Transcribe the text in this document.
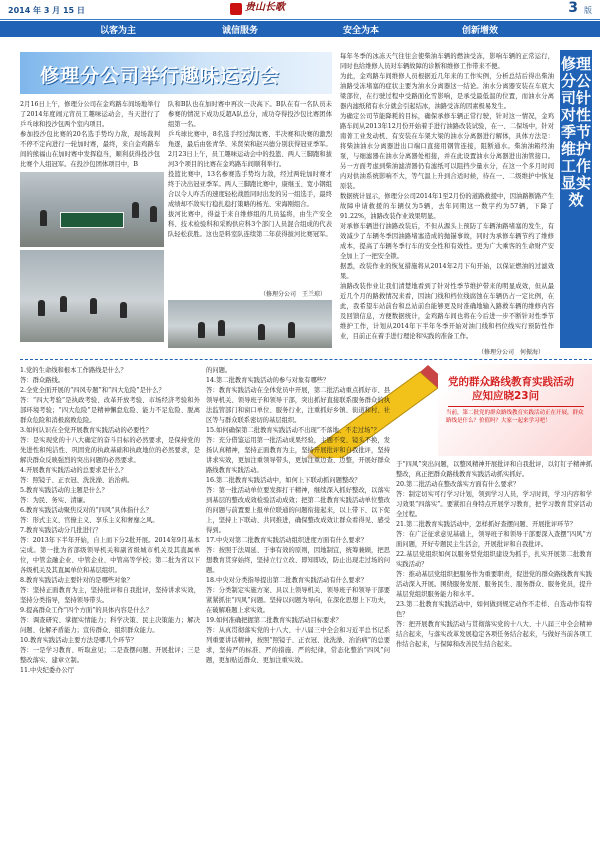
2014 年 3 月 15 日	贵山长歌	3 版
以客为主	诚信服务	安全为本	创新增效
修理分公司举行趣味运动会
2月16日上午，修理分公司在金鸡路车间场地举行了2014年度闹元宵员工趣味运动会，当天进行了乒乓球和投沙包两个室内项目。
参加投沙包比赛的20名选手势均力敌，现场裁判不停不定向进行一轮加时赛，最终，来自金鸡路车间的熊福山在加时赛中发挥稳当，顺利获得投沙包比赛个人组冠军。在投沙包团体项目中，B
队和B队也在加时赛中再次一决高下。B队在有一名队员未参赛的情况下成功反超A队总分，成功夺得投沙包比赛团体组第一名。
乒乓球比赛中，8名选手经过淘汰赛、半决赛和决赛的激烈角逐，最后由张青华、米贤荣和赵兴德分别获得冠亚季军。
2月23日上午，员工趣味运动会中的投篮、两人三脚跑和拔河3个项目的比赛在金鸡路车间顺利举行。
投篮比赛中，13名参赛选手势均力敌，经过两轮加时赛才终于决出冠亚季军。两人三脚跑比赛中，康继玉、宽小钢组合以令人咋舌的速度轻松战胜同时出发的另一组选手，最终成绩却不敌实行稳扎稳打策略的杨光、宋海刚组合。
拔河比赛中，得益于来自维修组的几员猛将，由生产安全科、技术检验科和采购供应科3个部门人员混合组成的代表队轻松获胜。这也是料室队连续第二年获得拔河比赛冠军。
（修理分公司　王兰琼）
每年冬季的冰冻天气往往会使柴油车辆的燃油受冻，影响车辆的正常运行，同时也给维修人员对车辆故障的诊断和维修工作带来不便。
为此，金鸡路车间维修人员根据近几年来的工作实例，分析总结后得出柴油油路受冻堵塞的症状主要为油水分离器这一结论。油水分离器安装在车底大梁部位，在行驶过程中受路面化雪影响，是承受最低温的位置，而油水分离器内滤纸稍有水分就会引起结冰，油路受冻的因素极易发生。
为确定公司节能降耗的目标，确保承修车辆正常行驶，针对这一情况，金鸡路车间从2013年12月份开始着手进行油路改装试验，在一、二保场中，针对南菁工业发动机、有安装在车架大梁的油水分离器进行解体，具体方法是：将柴油油水分离器进出口端口直接用钢管连接，阻断通水。柴油油箱经油泵，与细滤器在油水分离器处相接，并在此设置油水分离器进出油管接口。另一方面考虑到柴油滤清器仍有滤纸可以阻挡少量水分，在这一个多月时间内对供油系统影响不大，等气温上升到合适时候，待在一、二级维护中恢复原装。
数据统计显示，修理分公司2014年1至2月份的道路救援中，因油路断路产生故障申请救援的车辆仅为5辆，去年同期这一数字约为57辆，下降了91.22%，油路改装作业效果明显。
对承修车辆进行油路改装后，不但从源头上预防了车辆油路堵塞的发生，有效减少了车辆冬季因油路堵塞造成的抛锚事故，同时为承修车辆节约了维修成本，提高了车辆冬季行车的安全性和有效性。更为广大乘客的生命财产安全加上了一把安全锁。
据悉，改装作业的恢复措施将从2014年2月下旬开始，以保证燃油的过滤效果。
油路改装作业让我们清楚地看到了针对性季节维护带来的明显成效，但从最近几个月的路救情况来看，因油门线和档位线腐蚀在车辆仍占一定比例，在此，我希望车站前台和总站前台能够更及时准确地输入路救车辆的维修内容及回馈信息，方便数据统计，金鸡路车间也将在今后进一步不断针对性季节维护工作，计划从2014年下半年冬季开始对油门线和档位线实行预防性作业，目前正在着手进行理论和实践的准备工作。
（修理分公司　何振海）
修理分公司针对性季节维护工作显实效
党的群众路线教育实践活动
应知应晓23问
当前，第二批党的群众路线教育实践活动正在开展，群众路线是什么？价值吗？大家一起来学习吧！
1.党的生命线和根本工作路线是什么？
答：群众路线。
2.全党全面开展的“四风专题”和“四大危险”是什么？
答：“四大考验”是执政考验、改革开放考验、市场经济考验和外部环境考验；“四大危险”是精神懈怠危险、能力不足危险、脱离群众危险和消极腐败危险。
3.如何认识在全党开展教育实践活动的必要性？
答：是实现党的十八大确定的奋斗目标的必然要求，是保持党的先进性和纯洁性、巩固党的执政基础和执政地位的必然要求，是解决群众反映强烈的突出问题的必然要求。
4.开展教育实践活动的总要求是什么？
答：照镜子、正衣冠、洗洗澡、治治病。
5.教育实践活动的主题是什么？
答：为民、务实、清廉。
6.教育实践活动聚焦反对的“四风”具体指什么？
答：形式主义、官僚主义、享乐主义和奢靡之风。
7.教育实践活动分几批进行？
答：2013年下半年开始，自上而下分2批开展。2014年9月基本完成。第一批为省部级领导机关和副省级城市机关及其直属单位，中管金融企业、中管企业、中管高等学校；第二批为省以下各级机关及其直属单位和基层组织。
8.教育实践活动主要针对的是哪些对象？
答：坚持正面教育为主，坚持批评和自我批评，坚持讲求实效，坚持分类指导，坚持领导带头。
9.提高群众工作“四个方面”的具体内容是什么？
答：调查研究、掌握实情能力；科学决策、民主决策能力；解决问题、化解矛盾能力；宣传群众、组织群众能力。
10.教育实践活动主要方法是哪几个环节？
答：一是学习教育、听取意见；二是查摆问题、开展批评；三是整改落实、建章立制。
11.中央纪委办公厅
的问题。
14.第二批教育实践活动的参与对象有哪些？
答：教育实践活动在全体党员中开展，第二批活动重点抓好市、县领导机关、领导班子和领导干部，突出抓好直接联系服务群众的执法监管部门和窗口单位、服务行业，注重抓好乡镇、街道和村、社区等与群众联系密切的基层组织。
15.如何确保第二批教育实践活动不出现“不落地、不走过场”？
答：充分借鉴运用第一批活动成果经验，主题不变、镜头不换，发扬认真精神，坚持正面教育为主，坚持开展批评和自我批评，坚持讲求实效，更加注重领导带头，更加注重边查、边整，开展好群众路线教育实践活动。
16.第二批教育实践活动中，如何上下联动抓问题整改？
答：第一批活动单位要发挥打干精神，继续深入抓好整改，以落实到基层的整改成效检验活动成效；把第二批教育实践活动单位整改的问题与前置要上报单位联通的问题衔接起来，以上带下、以下促上，坚持上下联动、共同推进，确保整改成效让群众看得见、感受得到。
17.中央对第二批教育实践活动组织进度方面有什么要求？
答：按照于法周延、于事有效的原则，因地制宜，统筹兼顾，把思想教育贯穿始终，坚持立行立改、即知即改，防止出现走过场的问题。
18.中央对分类指导提出第二批教育实践活动有什么要求？
答：分类制定实施方案、具以上领导机关、领导班子和领导干部要紧紧抓住“四风”问题。坚持以问题为导向，在深化思想上下功夫，在破解难题上求实效。
19.如何准确把握第二批教育实践活动目标要求？
答：从真贯彻落实党的十八大、十八届三中全会和习近平总书记系列重要讲话精神，按照“照镜子、正衣冠、洗洗澡、治治病”的总要求，坚持严的标准、严的措施、严的纪律，常态化整治“四风”问题，更加贴近群众、更加注重实效。
于“四风”突出问题，以整风精神开展批评和自我批评，以钉钉子精神抓整改，真正把群众路线教育实践活动抓实抓好。
20.第二批活动在整改落实方面有什么要求？
答：制定切实可行学习计划，领到学习人员，学习时间，学习内容和学习效果“四落实”。要紧扣自身特点开展学习教育，把学习教育贯穿活动全过程。
21.第二批教育实践活动中，怎样抓好查摆问题、开展批评环节？
答：在广泛征求意见基础上，领导班子和领导干部要深入查摆“四风”方面问题，开好专题民主生活会，开展批评和自我批评。
22.基层党组织如何以服务型党组织建设为抓手，扎实开展第二批教育实践活动？
答：推动基层党组织把服务作为重要职责，促进党的群众路线教育实践活动深入开展。围绕服务发展、服务民生、服务群众、服务党员，提升基层党组织服务能力和水平。
23.第二批教育实践活动中，如何做到规定动作不走样、自选动作有特色？
答：把开展教育实践活动与贯彻落实党的十八大、十八届三中全会精神结合起来，与落实改革发展稳定各项任务结合起来，与做好当前各项工作结合起来，与保障和改善民生结合起来。
